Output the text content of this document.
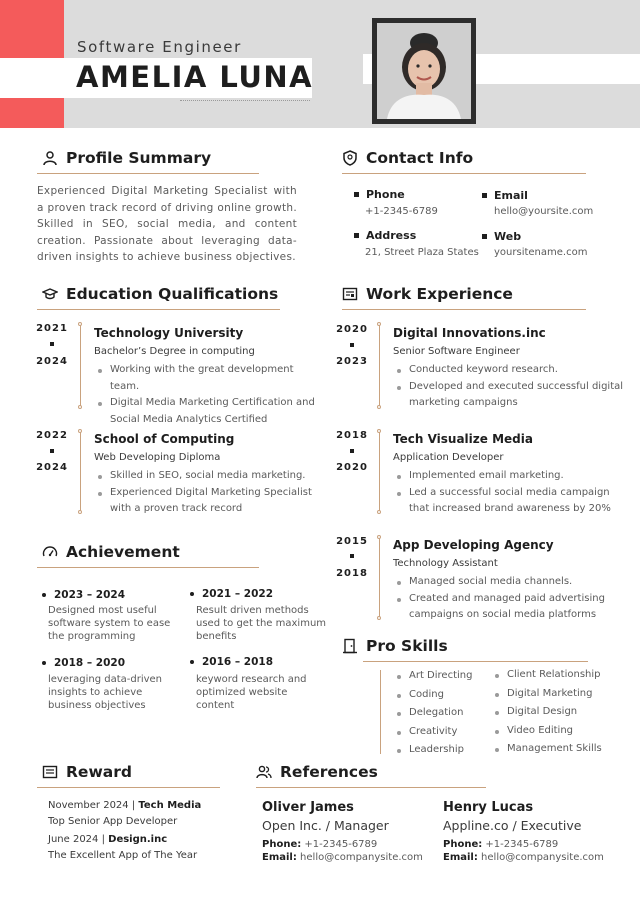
Software Engineer
AMELIA LUNA
Profile Summary
Experienced Digital Marketing Specialist with a proven track record of driving online growth. Skilled in SEO, social media, and content creation. Passionate about leveraging data-driven insights to achieve business objectives.
Contact Info
Phone
+1-2345-6789
Email
hello@yoursite.com
Address
21, Street Plaza States
Web
yoursitename.com
Education Qualifications
2021
2024
Technology University
Bachelor’s Degree in computing
Working with the great development team.
Digital Media Marketing Certification and Social Media Analytics Certified
2022
2024
School of Computing
Web Developing Diploma
Skilled in SEO, social media marketing.
Experienced Digital Marketing Specialist with a proven track record
Work Experience
2020
2023
Digital Innovations.inc
Senior Software Engineer
Conducted keyword research.
Developed and executed successful digital marketing campaigns
2018
2020
Tech Visualize Media
Application Developer
Implemented email marketing.
Led a successful social media campaign that increased brand awareness by 20%
2015
2018
App Developing Agency
Technology Assistant
Managed social media channels.
Created and managed paid advertising campaigns on social media platforms
Achievement
2023 – 2024
Designed most useful software system to ease the programming
2021 – 2022
Result driven methods used to get the maximum benefits
2018 – 2020
leveraging data-driven insights to achieve business objectives
2016 – 2018
keyword research and optimized website content
Pro Skills
Art Directing
Coding
Delegation
Creativity
Leadership
Client Relationship
Digital Marketing
Digital Design
Video Editing
Management Skills
Reward
November 2024 | Tech Media
Top Senior App Developer
June 2024 | Design.inc
The Excellent App of The Year
References
Oliver James
Open Inc. / Manager
Phone: +1-2345-6789
Email: hello@companysite.com
Henry Lucas
Appline.co / Executive
Phone: +1-2345-6789
Email: hello@companysite.com
